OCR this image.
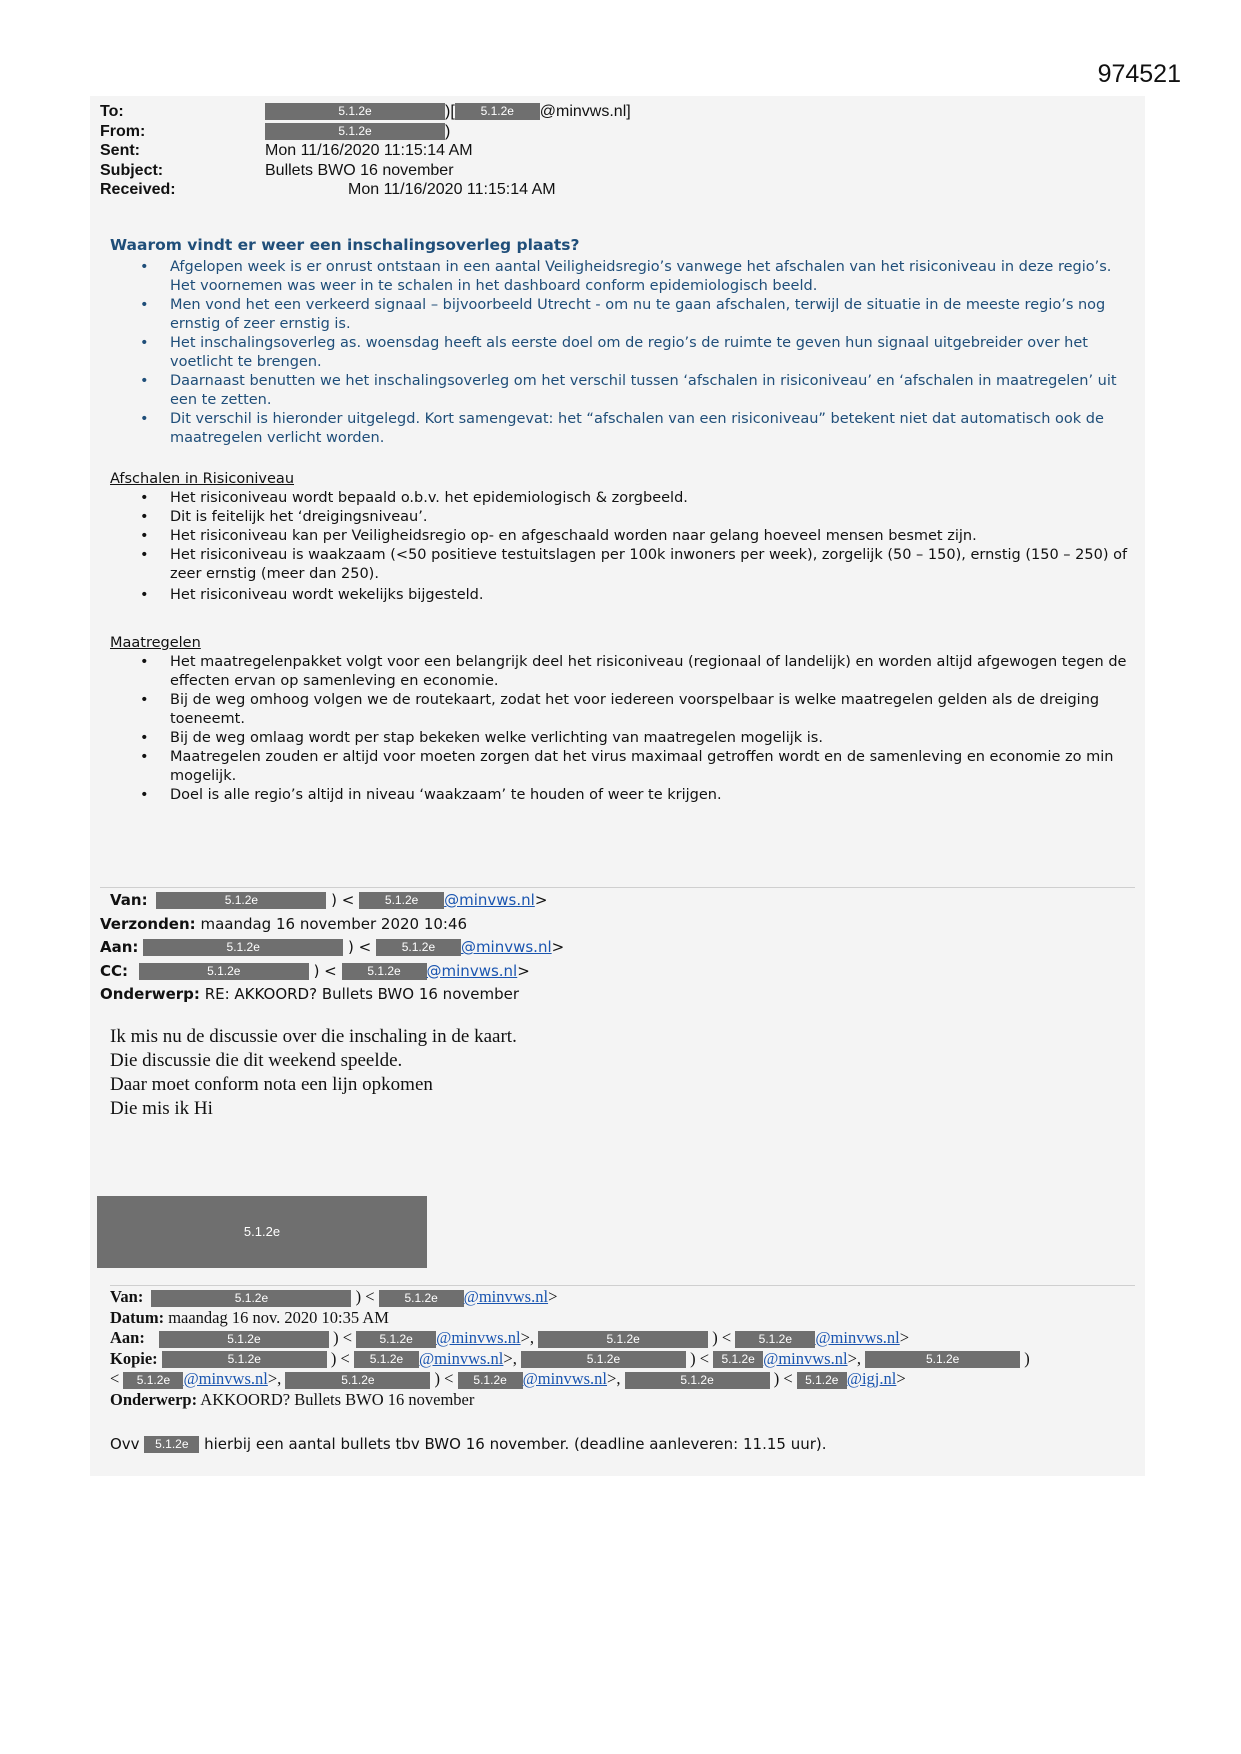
974521
To:	5.1.2e	)[ 5.1.2e @minvws.nl]
From:	5.1.2e	)
Sent:	Mon 11/16/2020 11:15:14 AM
Subject:	Bullets BWO 16 november
Received:	Mon 11/16/2020 11:15:14 AM
Waarom vindt er weer een inschalingsoverleg plaats?
• Afgelopen week is er onrust ontstaan in een aantal Veiligheidsregio’s vanwege het afschalen van het risiconiveau in deze regio’s. Het voornemen was weer in te schalen in het dashboard conform epidemiologisch beeld.
• Men vond het een verkeerd signaal – bijvoorbeeld Utrecht - om nu te gaan afschalen, terwijl de situatie in de meeste regio’s nog ernstig of zeer ernstig is.
• Het inschalingsoverleg as. woensdag heeft als eerste doel om de regio’s de ruimte te geven hun signaal uitgebreider over het voetlicht te brengen.
• Daarnaast benutten we het inschalingsoverleg om het verschil tussen ‘afschalen in risiconiveau’ en ‘afschalen in maatregelen’ uit een te zetten.
• Dit verschil is hieronder uitgelegd. Kort samengevat: het “afschalen van een risiconiveau” betekent niet dat automatisch ook de maatregelen verlicht worden.
Afschalen in Risiconiveau
• Het risiconiveau wordt bepaald o.b.v. het epidemiologisch & zorgbeeld.
• Dit is feitelijk het ‘dreigingsniveau’.
• Het risiconiveau kan per Veiligheidsregio op- en afgeschaald worden naar gelang hoeveel mensen besmet zijn.
• Het risiconiveau is waakzaam (<50 positieve testuitslagen per 100k inwoners per week), zorgelijk (50 – 150), ernstig (150 – 250) of zeer ernstig (meer dan 250).
• Het risiconiveau wordt wekelijks bijgesteld.
Maatregelen
• Het maatregelenpakket volgt voor een belangrijk deel het risiconiveau (regionaal of landelijk) en worden altijd afgewogen tegen de effecten ervan op samenleving en economie.
• Bij de weg omhoog volgen we de routekaart, zodat het voor iedereen voorspelbaar is welke maatregelen gelden als de dreiging toeneemt.
• Bij de weg omlaag wordt per stap bekeken welke verlichting van maatregelen mogelijk is.
• Maatregelen zouden er altijd voor moeten zorgen dat het virus maximaal getroffen wordt en de samenleving en economie zo min mogelijk.
• Doel is alle regio’s altijd in niveau ‘waakzaam’ te houden of weer te krijgen.
Van:	5.1.2e	) < 5.1.2e @minvws.nl>
Verzonden: maandag 16 november 2020 10:46
Aan:	5.1.2e	) < 5.1.2e @minvws.nl>
CC:	5.1.2e	) < 5.1.2e @minvws.nl>
Onderwerp: RE: AKKOORD? Bullets BWO 16 november
Ik mis nu de discussie over die inschaling in de kaart.
Die discussie die dit weekend speelde.
Daar moet conform nota een lijn opkomen
Die mis ik Hi
5.1.2e
Van:	5.1.2e	) < 5.1.2e @minvws.nl>
Datum: maandag 16 nov. 2020 10:35 AM
Aan:	5.1.2e	) < 5.1.2e @minvws.nl>,	5.1.2e	) < 5.1.2e @minvws.nl>
Kopie:	5.1.2e	) < 5.1.2e @minvws.nl>,	5.1.2e	) < 5.1.2e @minvws.nl>,	5.1.2e	)
< 5.1.2e @minvws.nl>,	5.1.2e	) < 5.1.2e @minvws.nl>,	5.1.2e	) < 5.1.2e @igj.nl>
Onderwerp: AKKOORD? Bullets BWO 16 november
Ovv 5.1.2e hierbij een aantal bullets tbv BWO 16 november. (deadline aanleveren: 11.15 uur).
